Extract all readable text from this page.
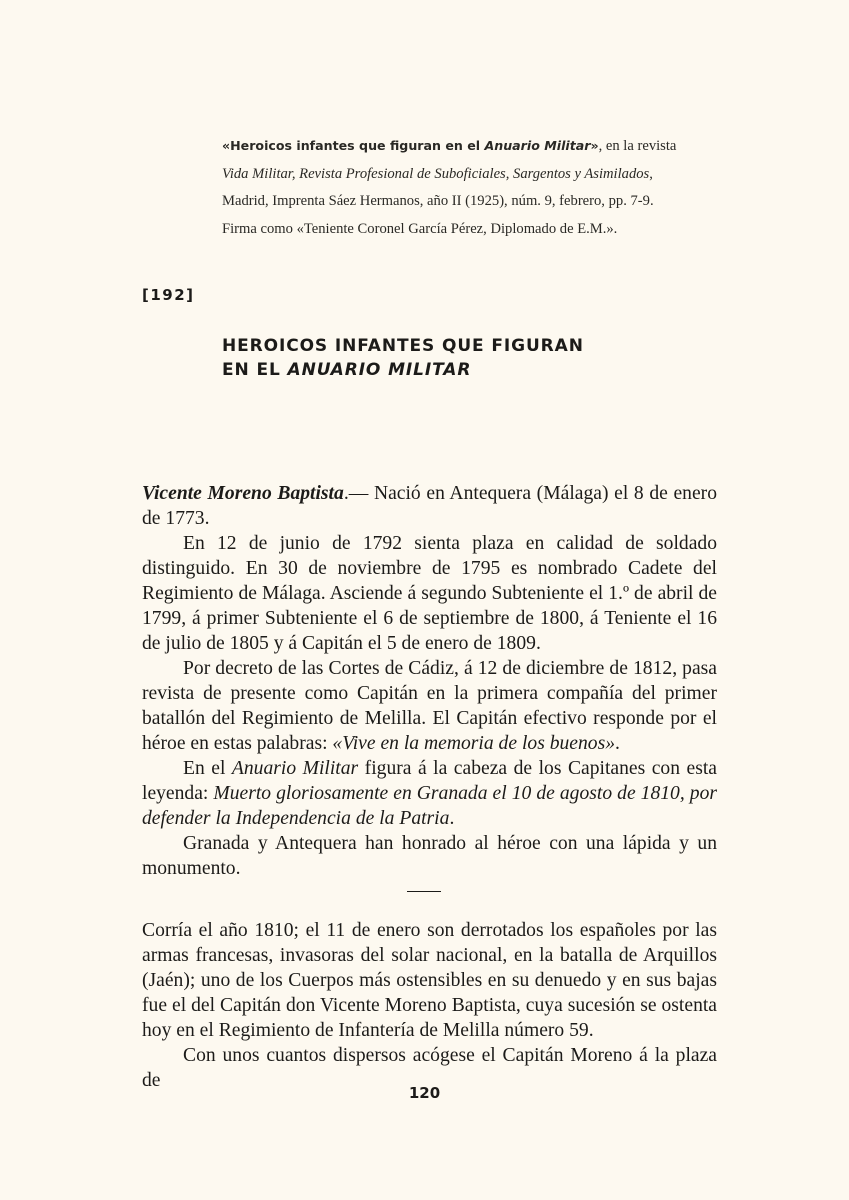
«Heroicos infantes que figuran en el Anuario Militar», en la revista Vida Militar, Revista Profesional de Suboficiales, Sargentos y Asimilados, Madrid, Imprenta Sáez Hermanos, año II (1925), núm. 9, febrero, pp. 7-9. Firma como «Teniente Coronel García Pérez, Diplomado de E.M.».
[192]
HEROICOS INFANTES QUE FIGURAN
EN EL ANUARIO MILITAR

Vicente Moreno Baptista.— Nació en Antequera (Málaga) el 8 de enero de 1773.

En 12 de junio de 1792 sienta plaza en calidad de soldado distinguido. En 30 de noviembre de 1795 es nombrado Cadete del Regimiento de Málaga. Asciende á segundo Subteniente el 1.º de abril de 1799, á primer Subteniente el 6 de septiembre de 1800, á Teniente el 16 de julio de 1805 y á Capitán el 5 de enero de 1809.

Por decreto de las Cortes de Cádiz, á 12 de diciembre de 1812, pasa revista de presente como Capitán en la primera compañía del primer batallón del Regimiento de Melilla. El Capitán efectivo responde por el héroe en estas palabras: «Vive en la memoria de los buenos».

En el Anuario Militar figura á la cabeza de los Capitanes con esta leyenda: Muerto gloriosamente en Granada el 10 de agosto de 1810, por defender la Independencia de la Patria.

Granada y Antequera han honrado al héroe con una lápida y un monumento.

Corría el año 1810; el 11 de enero son derrotados los españoles por las armas francesas, invasoras del solar nacional, en la batalla de Arquillos (Jaén); uno de los Cuerpos más ostensibles en su denuedo y en sus bajas fue el del Capitán don Vicente Moreno Baptista, cuya sucesión se ostenta hoy en el Regimiento de Infantería de Melilla número 59.

Con unos cuantos dispersos acógese el Capitán Moreno á la plaza de

120
